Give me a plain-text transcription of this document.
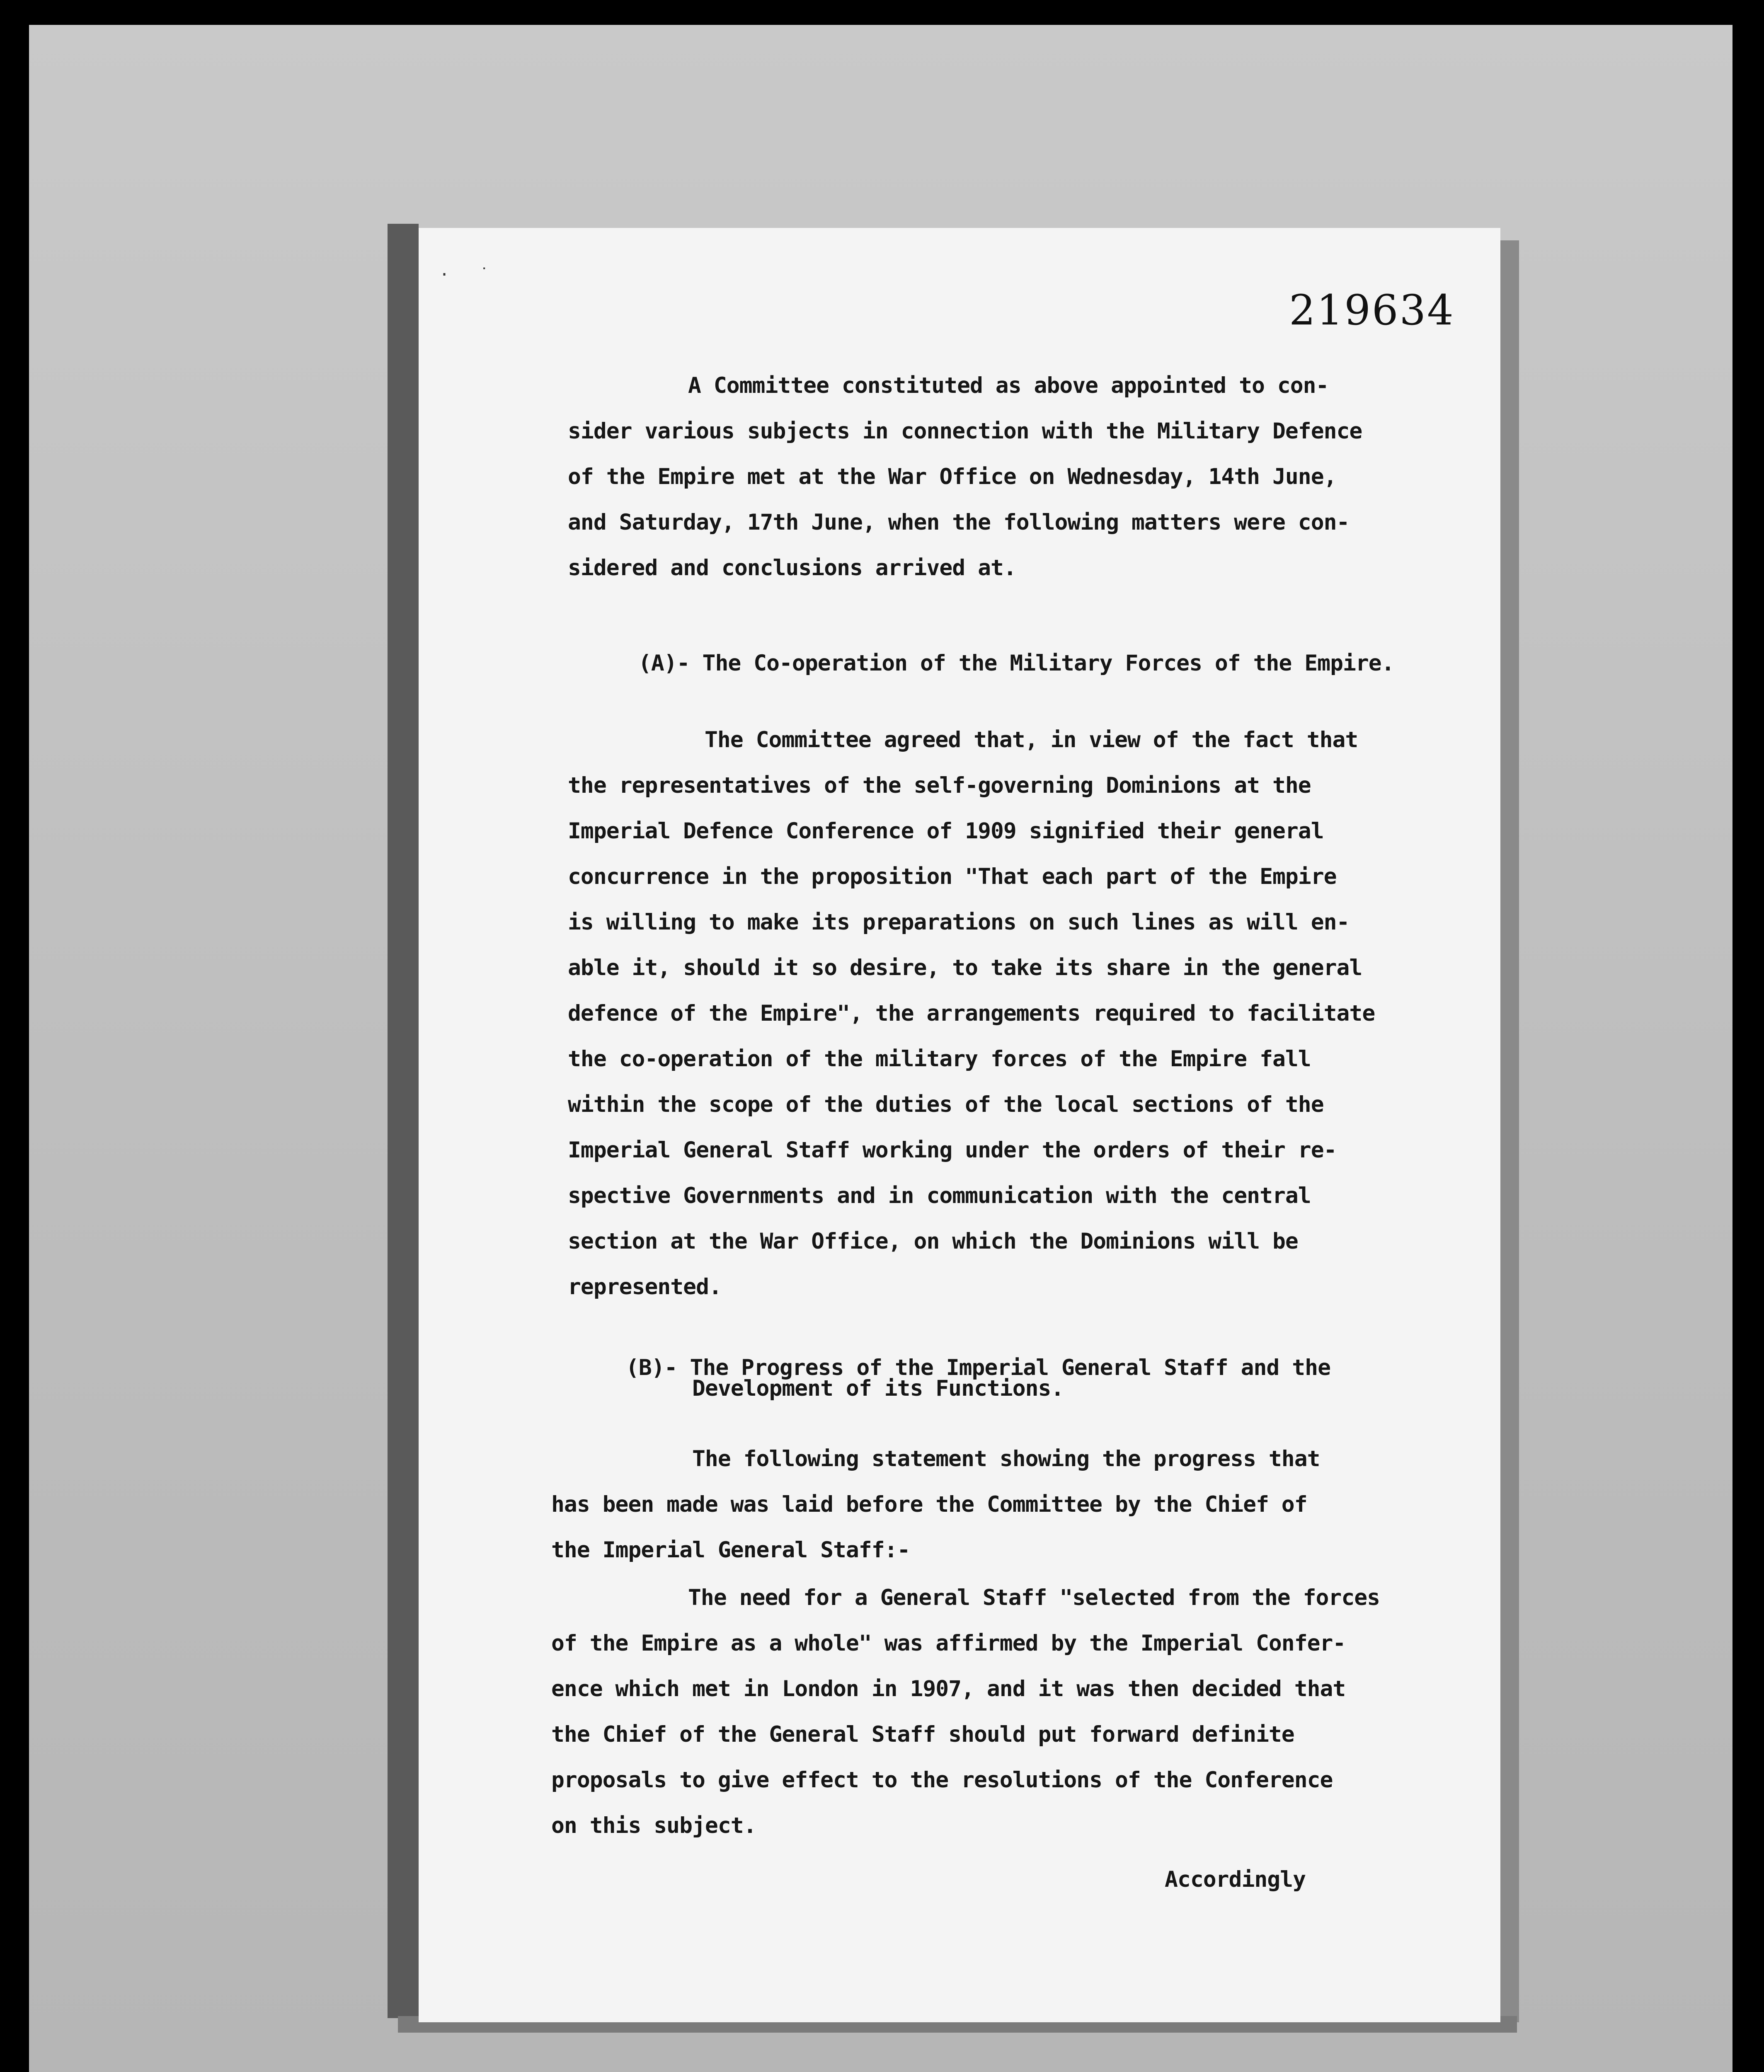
· ˙
219634
A Committee constituted as above appointed to con-
sider various subjects in connection with the Military Defence
of the Empire met at the War Office on Wednesday, 14th June,
and Saturday, 17th June, when the following matters were con-
sidered and conclusions arrived at.
(A)- The Co-operation of the Military Forces of the Empire.
The Committee agreed that, in view of the fact that
the representatives of the self-governing Dominions at the
Imperial Defence Conference of 1909 signified their general
concurrence in the proposition "That each part of the Empire
is willing to make its preparations on such lines as will en-
able it, should it so desire, to take its share in the general
defence of the Empire", the arrangements required to facilitate
the co-operation of the military forces of the Empire fall
within the scope of the duties of the local sections of the
Imperial General Staff working under the orders of their re-
spective Governments and in communication with the central
section at the War Office, on which the Dominions will be
represented.
(B)- The Progress of the Imperial General Staff and the
Development of its Functions.
The following statement showing the progress that
has been made was laid before the Committee by the Chief of
the Imperial General Staff:-
The need for a General Staff "selected from the forces
of the Empire as a whole" was affirmed by the Imperial Confer-
ence which met in London in 1907, and it was then decided that
the Chief of the General Staff should put forward definite
proposals to give effect to the resolutions of the Conference
on this subject.
Accordingly
